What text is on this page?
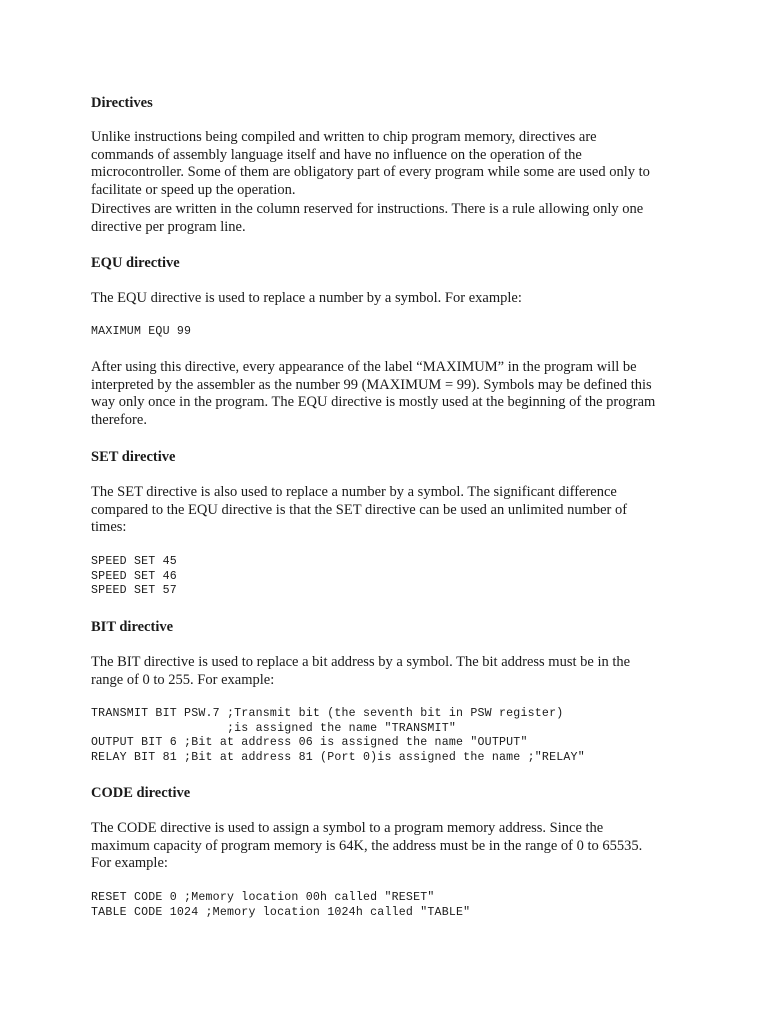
Directives

Unlike instructions being compiled and written to chip program memory, directives are
commands of assembly language itself and have no influence on the operation of the
microcontroller. Some of them are obligatory part of every program while some are used only to
facilitate or speed up the operation.

Directives are written in the column reserved for instructions. There is a rule allowing only one
directive per program line.

EQU directive

The EQU directive is used to replace a number by a symbol. For example:

MAXIMUM EQU 99

After using this directive, every appearance of the label “MAXIMUM” in the program will be
interpreted by the assembler as the number 99 (MAXIMUM = 99). Symbols may be defined this
way only once in the program. The EQU directive is mostly used at the beginning of the program
therefore.

SET directive

The SET directive is also used to replace a number by a symbol. The significant difference
compared to the EQU directive is that the SET directive can be used an unlimited number of
times:

SPEED SET 45
SPEED SET 46
SPEED SET 57
BIT directive

The BIT directive is used to replace a bit address by a symbol. The bit address must be in the
range of 0 to 255. For example:

TRANSMIT BIT PSW.7 ;Transmit bit (the seventh bit in PSW register)
;is assigned the name "TRANSMIT"
OUTPUT BIT 6 ;Bit at address 06 is assigned the name "OUTPUT"
RELAY BIT 81 ;Bit at address 81 (Port 0)is assigned the name ;"RELAY"
CODE directive

The CODE directive is used to assign a symbol to a program memory address. Since the
maximum capacity of program memory is 64K, the address must be in the range of 0 to 65535.
For example:

RESET CODE 0 ;Memory location 00h called "RESET"
TABLE CODE 1024 ;Memory location 1024h called "TABLE"
